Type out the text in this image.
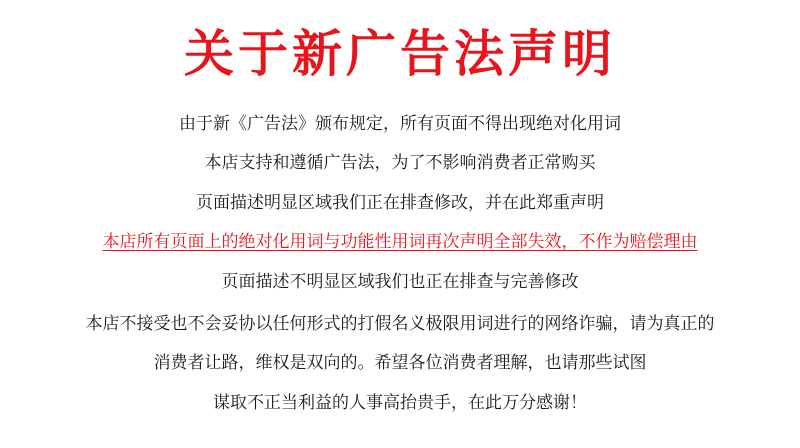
关于新广告法声明
由于新《广告法》颁布规定，所有页面不得出现绝对化用词
本店支持和遵循广告法，为了不影响消费者正常购买
页面描述明显区域我们正在排查修改，并在此郑重声明
本店所有页面上的绝对化用词与功能性用词再次声明全部失效，不作为赔偿理由
页面描述不明显区域我们也正在排查与完善修改
本店不接受也不会妥协以任何形式的打假名义极限用词进行的网络诈骗，请为真正的
消费者让路，维权是双向的。希望各位消费者理解，也请那些试图
谋取不正当利益的人事高抬贵手，在此万分感谢！
